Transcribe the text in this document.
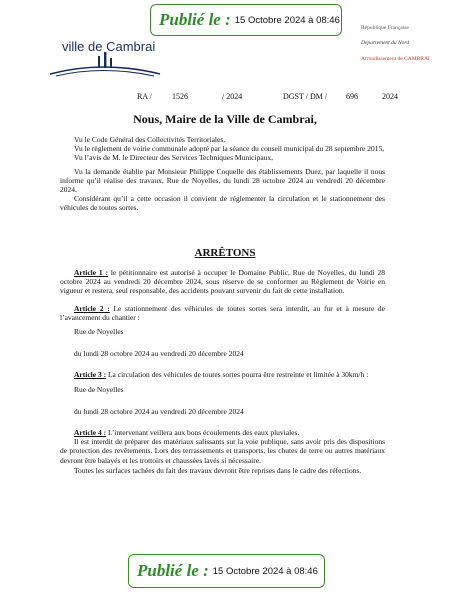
Publié le : 15 Octobre 2024 à 08:46
ville de Cambrai
République Française
Département du Nord
Arrondissement de CAMBRAI
RA /	1526	/ 2024	DGST / DM / 696	2024
Nous, Maire de la Ville de Cambrai,

Vu le Code Général des Collectivités Territoriales,

Vu le règlement de voirie communale adopté par la séance du conseil municipal du 28 septembre 2015,

Vu l’avis de M. le Directeur des Services Techniques Municipaux,

Vu la demande établie par Monsieur Philippe Coquelle des établissements Duez, par laquelle il nous informe qu’il réalise des travaux, Rue de Noyelles, du lundi 28 octobre 2024 au vendredi 20 décembre 2024.

Considérant qu’il a cette occasion il convient de réglementer la circulation et le stationnement des véhicules de toutes sortes.

ARRÊTONS

Article 1 : le pétitionnaire est autorisé à occuper le Domaine Public, Rue de Noyelles, du lundi 28 octobre 2024 au vendredi 20 décembre 2024, sous réserve de se conformer au Règlement de Voirie en vigueur et restera, seul responsable, des accidents pouvant survenir du fait de cette installation.

Article 2 : Le stationnement des véhicules de toutes sortes sera interdit, au fur et à mesure de l’avancement du chantier :

Rue de Noyelles

du lundi 28 octobre 2024 au vendredi 20 décembre 2024

Article 3 : La circulation des véhicules de toutes sortes pourra être restreinte et limitée à 30km/h :

Rue de Noyelles

du lundi 28 octobre 2024 au vendredi 20 décembre 2024

Article 4 : L’intervenant veillera aux bons écoulements des eaux pluviales.

Il est interdit de préparer des matériaux salissants sur la voie publique, sans avoir pris des dispositions de protection des revêtements. Lors des terrassements et transports, les chutes de terre ou autres matériaux devront être balayés et les trottoirs et chaussées lavés si nécessaire.

Toutes les surfaces tachées du fait des travaux devront être reprises dans le cadre des réfections.

Publié le : 15 Octobre 2024 à 08:46
